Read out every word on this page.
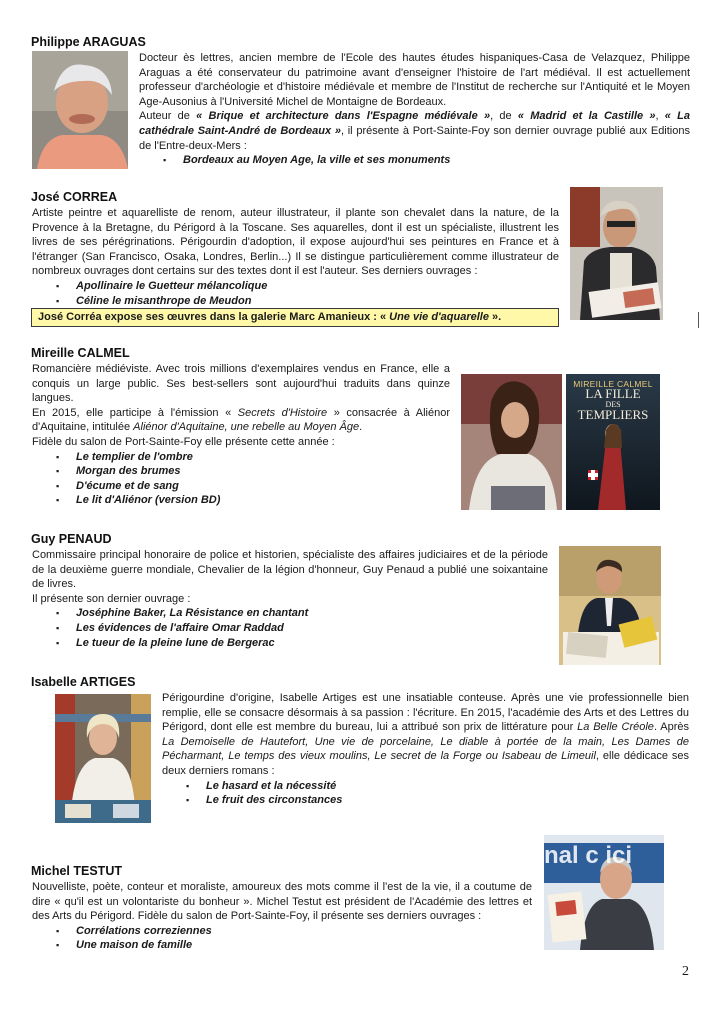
Philippe ARAGUAS

Docteur ès lettres, ancien membre de l'Ecole des hautes études hispaniques-Casa de Velazquez, Philippe Araguas a été conservateur du patrimoine avant d'enseigner l'histoire de l'art médiéval. Il est actuellement professeur d'archéologie et d'histoire médiévale et membre de l'Institut de recherche sur l'Antiquité et le Moyen Age-Ausonius à l'Université Michel de Montaigne de Bordeaux.

Auteur de « Brique et architecture dans l'Espagne médiévale », de « Madrid et la Castille », « La cathédrale Saint-André de Bordeaux », il présente à Port-Sainte-Foy son dernier ouvrage publié aux Editions de l'Entre-deux-Mers :

▪ Bordeaux au Moyen Age, la ville et ses monuments
José CORREA

Artiste peintre et aquarelliste de renom, auteur illustrateur, il plante son chevalet dans la nature, de la Provence à la Bretagne, du Périgord à la Toscane. Ses aquarelles, dont il est un spécialiste, illustrent les livres de ses pérégrinations. Périgourdin d'adoption, il expose aujourd'hui ses peintures en France et à l'étranger (San Francisco, Osaka, Londres, Berlin...) Il se distingue particulièrement comme illustrateur de nombreux ouvrages dont certains sur des textes dont il est l'auteur. Ses derniers ouvrages :

▪ Apollinaire le Guetteur mélancolique
▪ Céline le misanthrope de Meudon
José Corréa expose ses œuvres dans la galerie Marc Amanieux : « Une vie d'aquarelle ».
Mireille CALMEL

Romancière médiéviste. Avec trois millions d'exemplaires vendus en France, elle a conquis un large public. Ses best-sellers sont aujourd'hui traduits dans quinze langues.

En 2015, elle participe à l'émission « Secrets d'Histoire » consacrée à Aliénor d'Aquitaine, intitulée Aliénor d'Aquitaine, une rebelle au Moyen Âge.

Fidèle du salon de Port-Sainte-Foy elle présente cette année :

▪ Le templier de l'ombre
▪ Morgan des brumes
▪ D'écume et de sang
▪ Le lit d'Aliénor (version BD)
MIREILLE CALMEL
LA FILLE
DES
TEMPLIERS
Guy PENAUD

Commissaire principal honoraire de police et historien, spécialiste des affaires judiciaires et de la période de la deuxième guerre mondiale, Chevalier de la légion d'honneur, Guy Penaud a publié une soixantaine de livres.

Il présente son dernier ouvrage :

▪ Joséphine Baker, La Résistance en chantant
▪ Les évidences de l'affaire Omar Raddad
▪ Le tueur de la pleine lune de Bergerac
Isabelle ARTIGES

Périgourdine d'origine, Isabelle Artiges est une insatiable conteuse. Après une vie professionnelle bien remplie, elle se consacre désormais à sa passion : l'écriture. En 2015, l'académie des Arts et des Lettres du Périgord, dont elle est membre du bureau, lui a attribué son prix de littérature pour La Belle Créole. Après La Demoiselle de Hautefort, Une vie de porcelaine, Le diable à portée de la main, Les Dames de Pécharmant, Le temps des vieux moulins, Le secret de la Forge ou Isabeau de Limeuil, elle dédicace ses deux derniers romans :

▪ Le hasard et la nécessité
▪ Le fruit des circonstances
Michel TESTUT

Nouvelliste, poète, conteur et moraliste, amoureux des mots comme il l'est de la vie, il a coutume de dire « qu'il est un volontariste du bonheur ». Michel Testut est président de l'Académie des lettres et des Arts du Périgord. Fidèle du salon de Port-Sainte-Foy, il présente ses derniers ouvrages :

▪ Corrélations correziennes
▪ Une maison de famille
nal c ici
2
